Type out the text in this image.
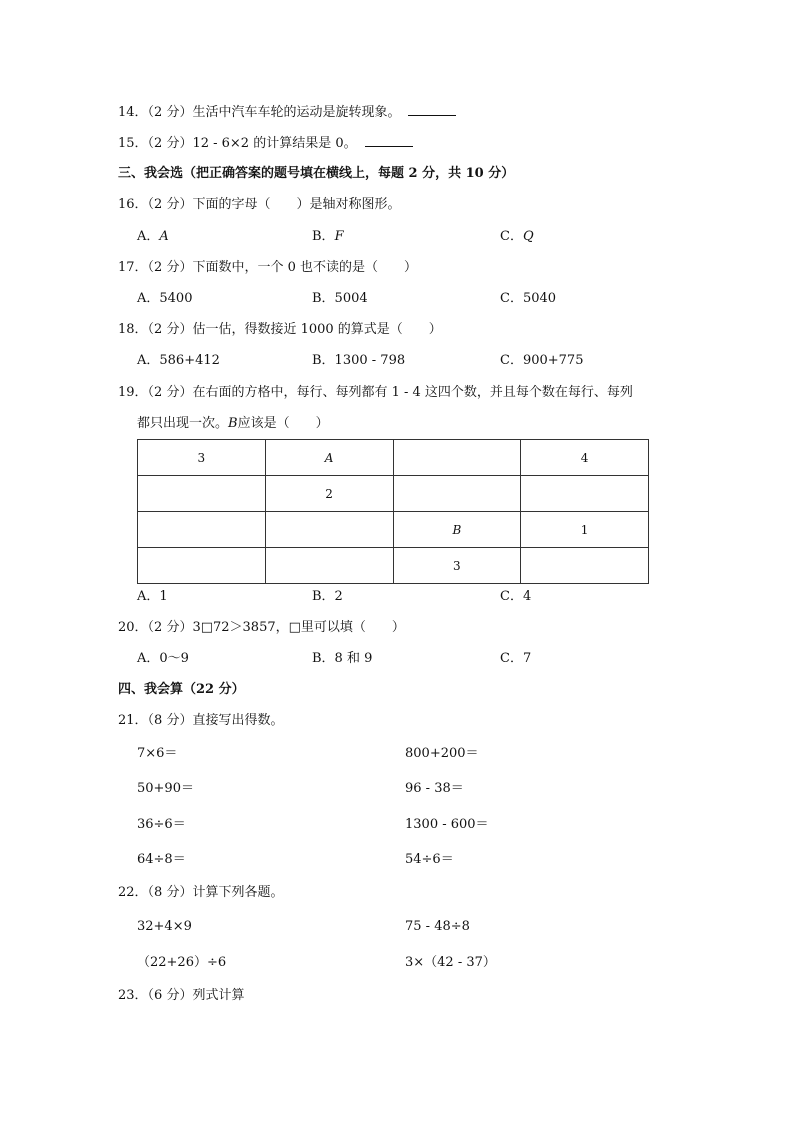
14．（2 分）生活中汽车车轮的运动是旋转现象。
15．（2 分）12 - 6×2 的计算结果是 0。
三、我会选（把正确答案的题号填在横线上，每题 2 分，共 10 分）
16．（2 分）下面的字母（　　）是轴对称图形。
A．A	B．F	C．Q
17．（2 分）下面数中，一个 0 也不读的是（　　）
A．5400	B．5004	C．5040
18．（2 分）估一估，得数接近 1000 的算式是（　　）
A．586+412	B．1300 - 798	C．900+775
19．（2 分）在右面的方格中，每行、每列都有 1 - 4 这四个数，并且每个数在每行、每列
都只出现一次。B应该是（　　）
3	A		4
	2		
		B	1
		3	
A．1	B．2	C．4
20．（2 分）3□72＞3857，□里可以填（　　）
A．0～9	B．8 和 9	C．7
四、我会算（22 分）
21．（8 分）直接写出得数。
7×6＝	800+200＝
50+90＝	96 - 38＝
36÷6＝	1300 - 600＝
64÷8＝	54÷6＝
22．（8 分）计算下列各题。
32+4×9	75 - 48÷8
（22+26）÷6	3×（42 - 37）
23．（6 分）列式计算
